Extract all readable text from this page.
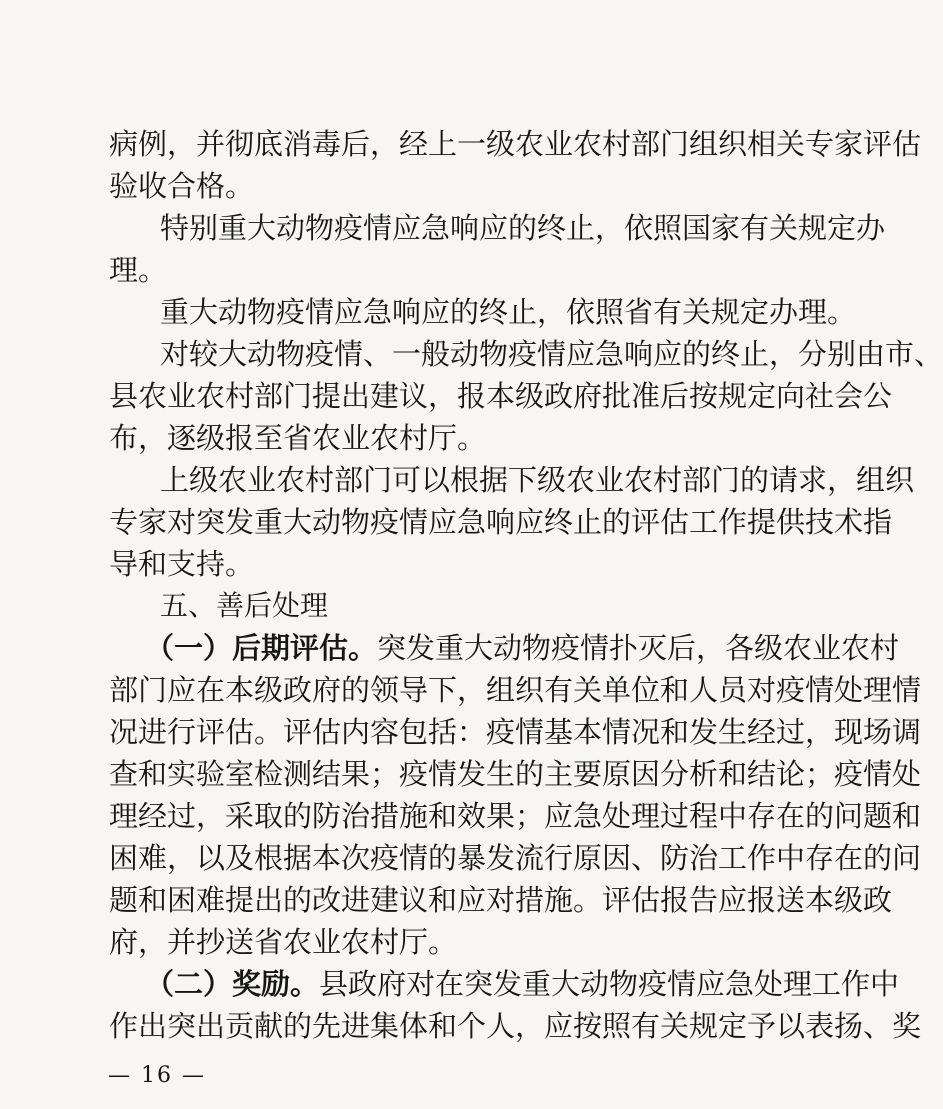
病例，并彻底消毒后，经上一级农业农村部门组织相关专家评估

验收合格。

特别重大动物疫情应急响应的终止，依照国家有关规定办

理。

重大动物疫情应急响应的终止，依照省有关规定办理。

对较大动物疫情、一般动物疫情应急响应的终止，分别由市、

县农业农村部门提出建议，报本级政府批准后按规定向社会公

布，逐级报至省农业农村厅。

上级农业农村部门可以根据下级农业农村部门的请求，组织

专家对突发重大动物疫情应急响应终止的评估工作提供技术指

导和支持。

五、善后处理

（一）后期评估。突发重大动物疫情扑灭后，各级农业农村

部门应在本级政府的领导下，组织有关单位和人员对疫情处理情

况进行评估。评估内容包括：疫情基本情况和发生经过，现场调

查和实验室检测结果；疫情发生的主要原因分析和结论；疫情处

理经过，采取的防治措施和效果；应急处理过程中存在的问题和

困难，以及根据本次疫情的暴发流行原因、防治工作中存在的问

题和困难提出的改进建议和应对措施。评估报告应报送本级政

府，并抄送省农业农村厅。

（二）奖励。县政府对在突发重大动物疫情应急处理工作中

作出突出贡献的先进集体和个人，应按照有关规定予以表扬、奖

— 16 —
